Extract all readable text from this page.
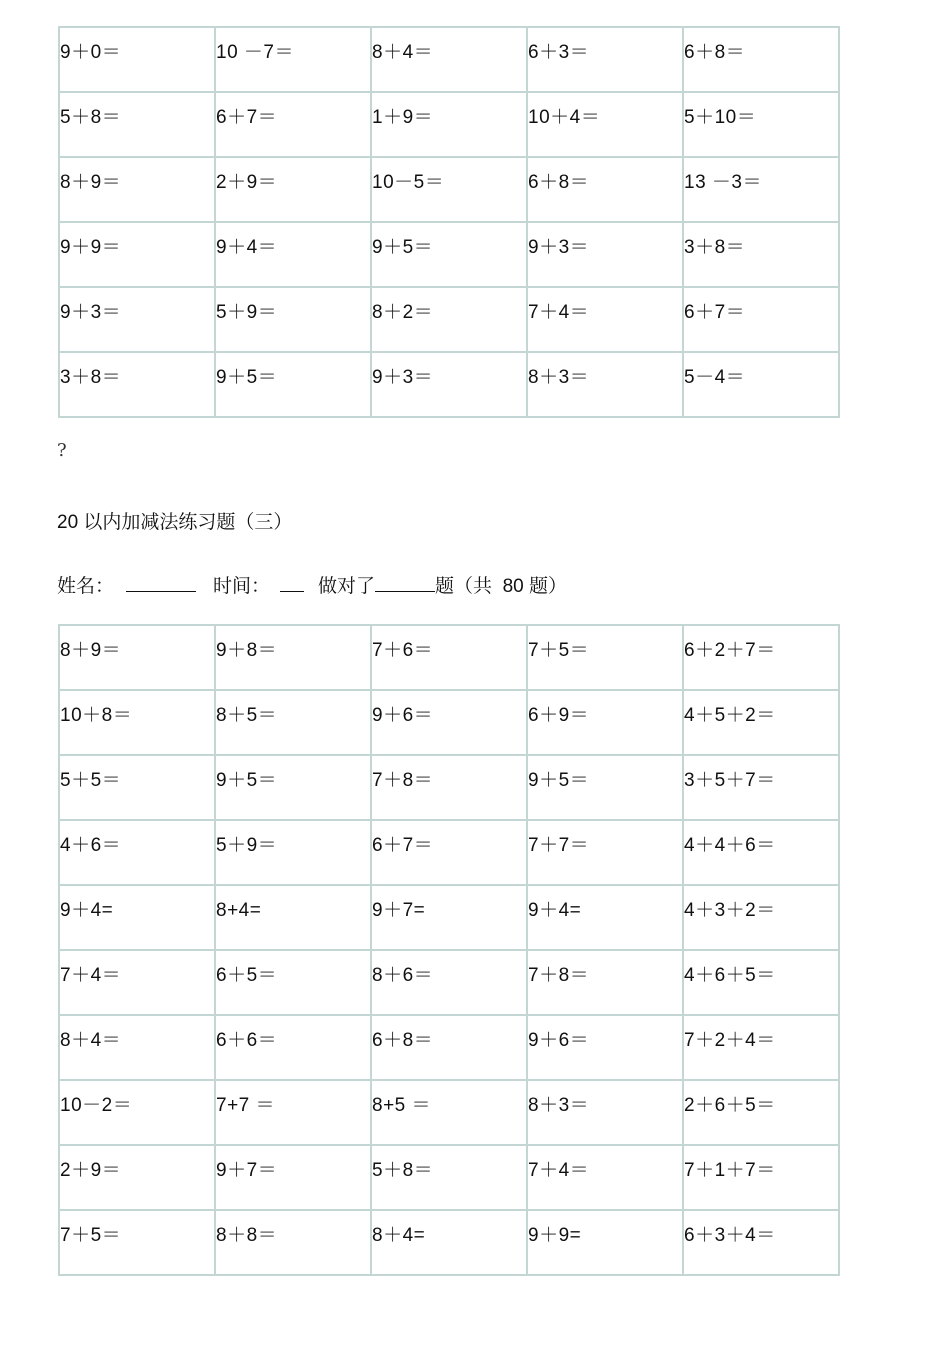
9＋0＝	10 －7＝	8＋4＝	6＋3＝	6＋8＝

5＋8＝	6＋7＝	1＋9＝	10＋4＝	5＋10＝

8＋9＝	2＋9＝	10－5＝	6＋8＝	13 －3＝

9＋9＝	9＋4＝	9＋5＝	9＋3＝	3＋8＝

9＋3＝	5＋9＝	8＋2＝	7＋4＝	6＋7＝

3＋8＝	9＋5＝	9＋3＝	8＋3＝	5－4＝
?
20 以内加减法练习题（三）
姓名：	时间：	做对了	题（共  80 题）
8＋9＝	9＋8＝	7＋6＝	7＋5＝	6＋2＋7＝

10＋8＝	8＋5＝	9＋6＝	6＋9＝	4＋5＋2＝

5＋5＝	9＋5＝	7＋8＝	9＋5＝	3＋5＋7＝

4＋6＝	5＋9＝	6＋7＝	7＋7＝	4＋4＋6＝

9＋4=	8+4=	9＋7=	9＋4=	4＋3＋2＝

7＋4＝	6＋5＝	8＋6＝	7＋8＝	4＋6＋5＝

8＋4＝	6＋6＝	6＋8＝	9＋6＝	7＋2＋4＝

10－2＝	7+7 ＝	8+5 ＝	8＋3＝	2＋6＋5＝

2＋9＝	9＋7＝	5＋8＝	7＋4＝	7＋1＋7＝

7＋5＝	8＋8＝	8＋4=	9＋9=	6＋3＋4＝
